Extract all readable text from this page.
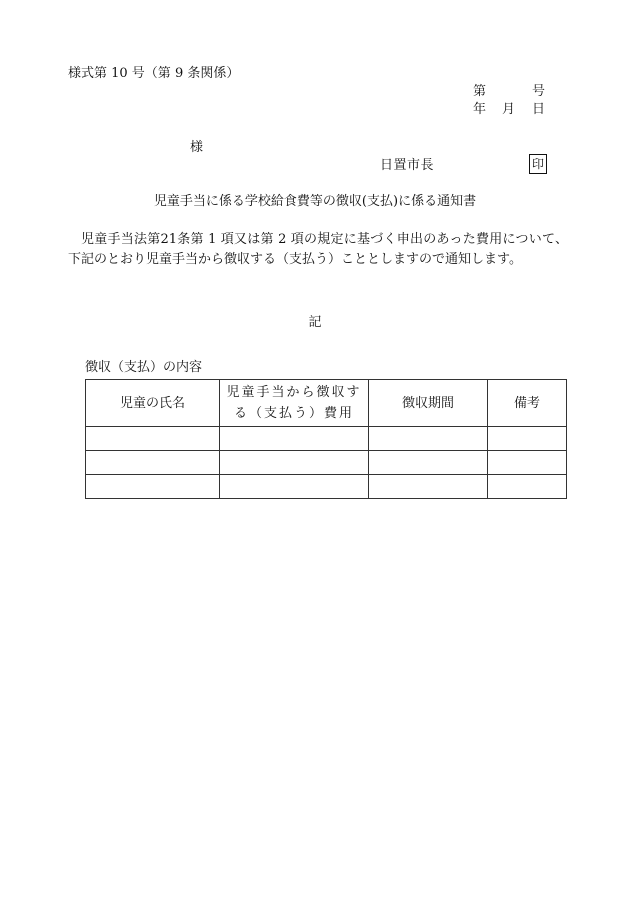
様式第 10 号（第 9 条関係）
第	号
年 月 日
様
日置市長	印
児童手当に係る学校給食費等の徴収(支払)に係る通知書
児童手当法第21条第 1 項又は第 2 項の規定に基づく申出のあった費用について、下記のとおり児童手当から徴収する（支払う）こととしますので通知します。
記
徴収（支払）の内容
児童の氏名	児童手当から徴収する（支払う）費用	徴収期間	備考
